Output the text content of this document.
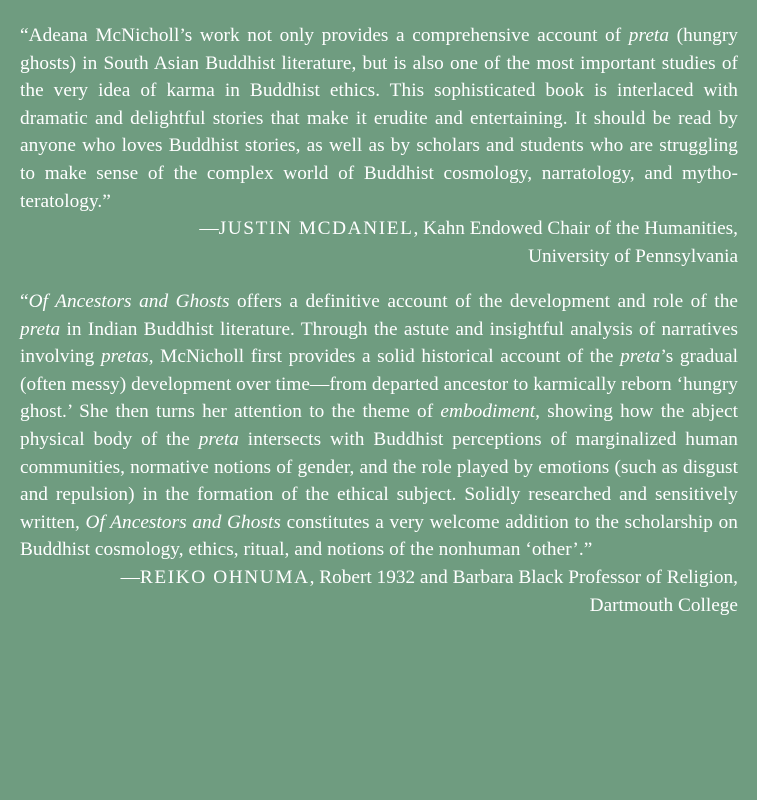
“Adeana McNicholl’s work not only provides a comprehensive account of preta (hungry ghosts) in South Asian Buddhist literature, but is also one of the most important studies of the very idea of karma in Buddhist ethics. This sophisticated book is interlaced with dramatic and delightful stories that make it erudite and entertaining. It should be read by anyone who loves Buddhist stories, as well as by scholars and students who are struggling to make sense of the complex world of Buddhist cosmology, narratology, and mytho-teratology.”

—JUSTIN MCDANIEL, Kahn Endowed Chair of the Humanities,
University of Pennsylvania

“Of Ancestors and Ghosts offers a definitive account of the development and role of the preta in Indian Buddhist literature. Through the astute and insightful analysis of narratives involving pretas, McNicholl first provides a solid historical account of the preta’s gradual (often messy) development over time—from departed ancestor to karmically reborn ‘hungry ghost.’ She then turns her attention to the theme of embodiment, showing how the abject physical body of the preta intersects with Buddhist perceptions of marginalized human communities, normative notions of gender, and the role played by emotions (such as disgust and repulsion) in the formation of the ethical subject. Solidly researched and sensitively written, Of Ancestors and Ghosts constitutes a very welcome addition to the scholarship on Buddhist cosmology, ethics, ritual, and notions of the nonhuman ‘other’.”

—REIKO OHNUMA, Robert 1932 and Barbara Black Professor of Religion,
Dartmouth College
